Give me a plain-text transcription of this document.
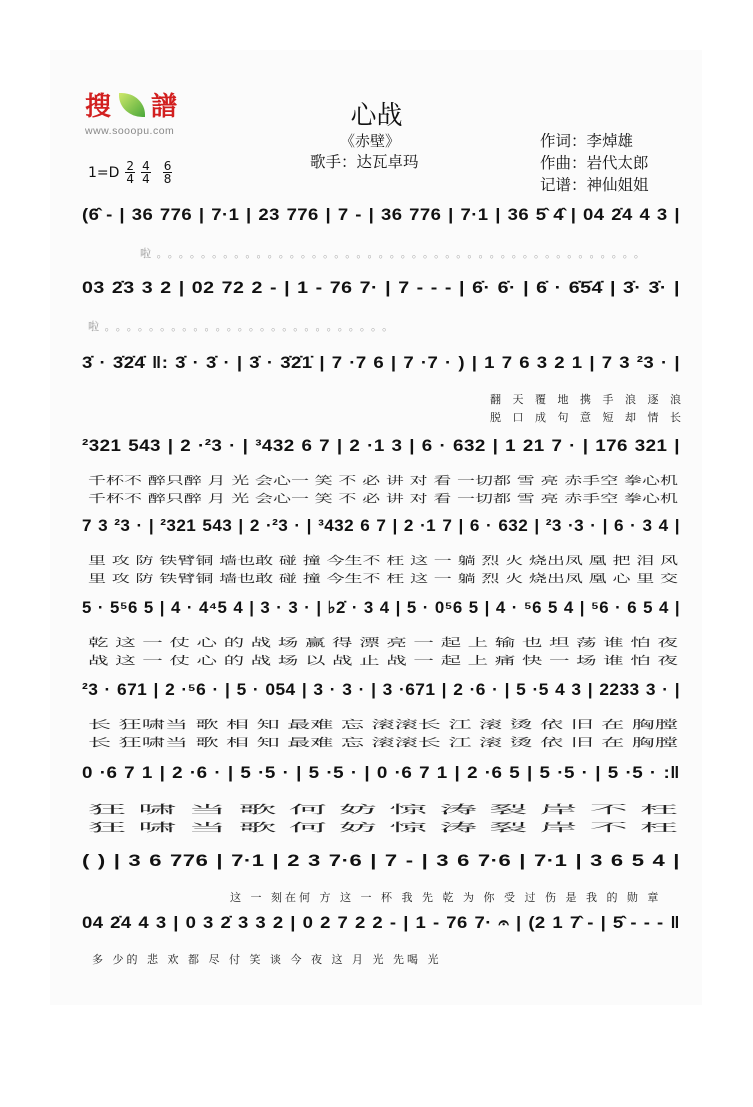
搜 譜
www.sooopu.com	心战
《赤壁》
歌手：达瓦卓玛
作词：李焯雄
作曲：岩代太郎
记谱：神仙姐姐
$1=D \frac{2}{4} \frac{4}{4} \frac{6}{8}$
(6̂ - | 36 776 | 7·1 | 23 776 | 7 - | 36 776 | 7·1 | 36 5̂ 4̂ | 04 2̇4 4 3 |
啦。。。。。。。。。。。。。。。。。。。。。。。。。。。。。。。。。。。。。。。。。。。。
03 2̇3 3 2 | 02 72 2 - | 1 - 76 7· | 7 - - - | 6̇· 6̇· | 6̇ · 6̇5̇4̇ | 3̇· 3̇· |
啦。。。。。。。。。。。。。。。。。。。。。。。。。。
3̇ · 3̇2̇4̇ ‖: 3̇ · 3̇ · | 3̇ · 3̇2̇1̇ | 7 ·7 6 | 7 ·7 · ) | 1 7 6 3 2 1 | 7 3 ²3 · |
翻 天 覆 地 携 手 浪 逐 浪
脱 口 成 句 意 短 却 情 长
²321 543 | 2 ·²3 · | ³432 6 7 | 2 ·1 3 | 6 · 632 | 1 21 7 · | 176 321 |
千杯不 醉只醉 月 光 会心一 笑 不 必 讲 对 看 一切都 雪 亮 赤手空 拳心机
千杯不 醉只醉 月 光 会心一 笑 不 必 讲 对 看 一切都 雪 亮 赤手空 拳心机
7 3 ²3 · | ²321 543 | 2 ·²3 · | ³432 6 7 | 2 ·1 7 | 6 · 632 | ²3 ·3 · | 6 · 3 4 |
里 攻 防 铁臂铜 墙也敢 碰 撞 今生不 枉 这 一 躺 烈 火 烧出凤 凰 把 泪 风
里 攻 防 铁臂铜 墙也敢 碰 撞 今生不 枉 这 一 躺 烈 火 烧出凤 凰 心 里 交
5 · 5⁵6 5 | 4 · 4⁴5 4 | 3 · 3 · | ♭2̇ · 3 4 | 5 · 0⁵6 5 | 4 · ⁵6 5 4 | ⁵6 · 6 5 4 |
乾 这 一 仗 心 的 战 场 赢 得 漂 亮 一 起 上 输 也 坦 荡 谁 怕 夜
战 这 一 仗 心 的 战 场 以 战 止 战 一 起 上 痛 快 一 场 谁 怕 夜
²3 · 671 | 2 ·⁵6 · | 5 · 054 | 3 · 3 · | 3 ·671 | 2 ·6 · | 5 ·5 4 3 | 2233 3 · |
长 狂啸当 歌 相 知 最难 忘 滚滚长 江 滚 烫 依 旧 在 胸膛
长 狂啸当 歌 相 知 最难 忘 滚滚长 江 滚 烫 依 旧 在 胸膛
0 ·6 7 1 | 2 ·6 · | 5 ·5 · | 5 ·5 · | 0 ·6 7 1 | 2 ·6 5 | 5 ·5 · | 5 ·5 · :‖
狂 啸 当 歌 何 妨 惊 涛 裂 岸 不 枉
狂 啸 当 歌 何 妨 惊 涛 裂 岸 不 枉
( ) | 3 6 776 | 7·1 | 2 3 7·6 | 7 - | 3 6 7·6 | 7·1 | 3 6 5 4 |
这 一 刻在何 方 这 一 杯 我 先 乾 为 你 受 过 伤 是 我 的 勋 章
04 2̇4 4 3 | 0 3 2̇ 3 3 2 | 0 2 7 2 2 - | 1 - 76 7· 𝄐 | (2 1 7̂ - | 5̂ - - - ‖
多 少的 悲 欢 都 尽 付 笑 谈 今 夜 这 月 光 先喝 光
